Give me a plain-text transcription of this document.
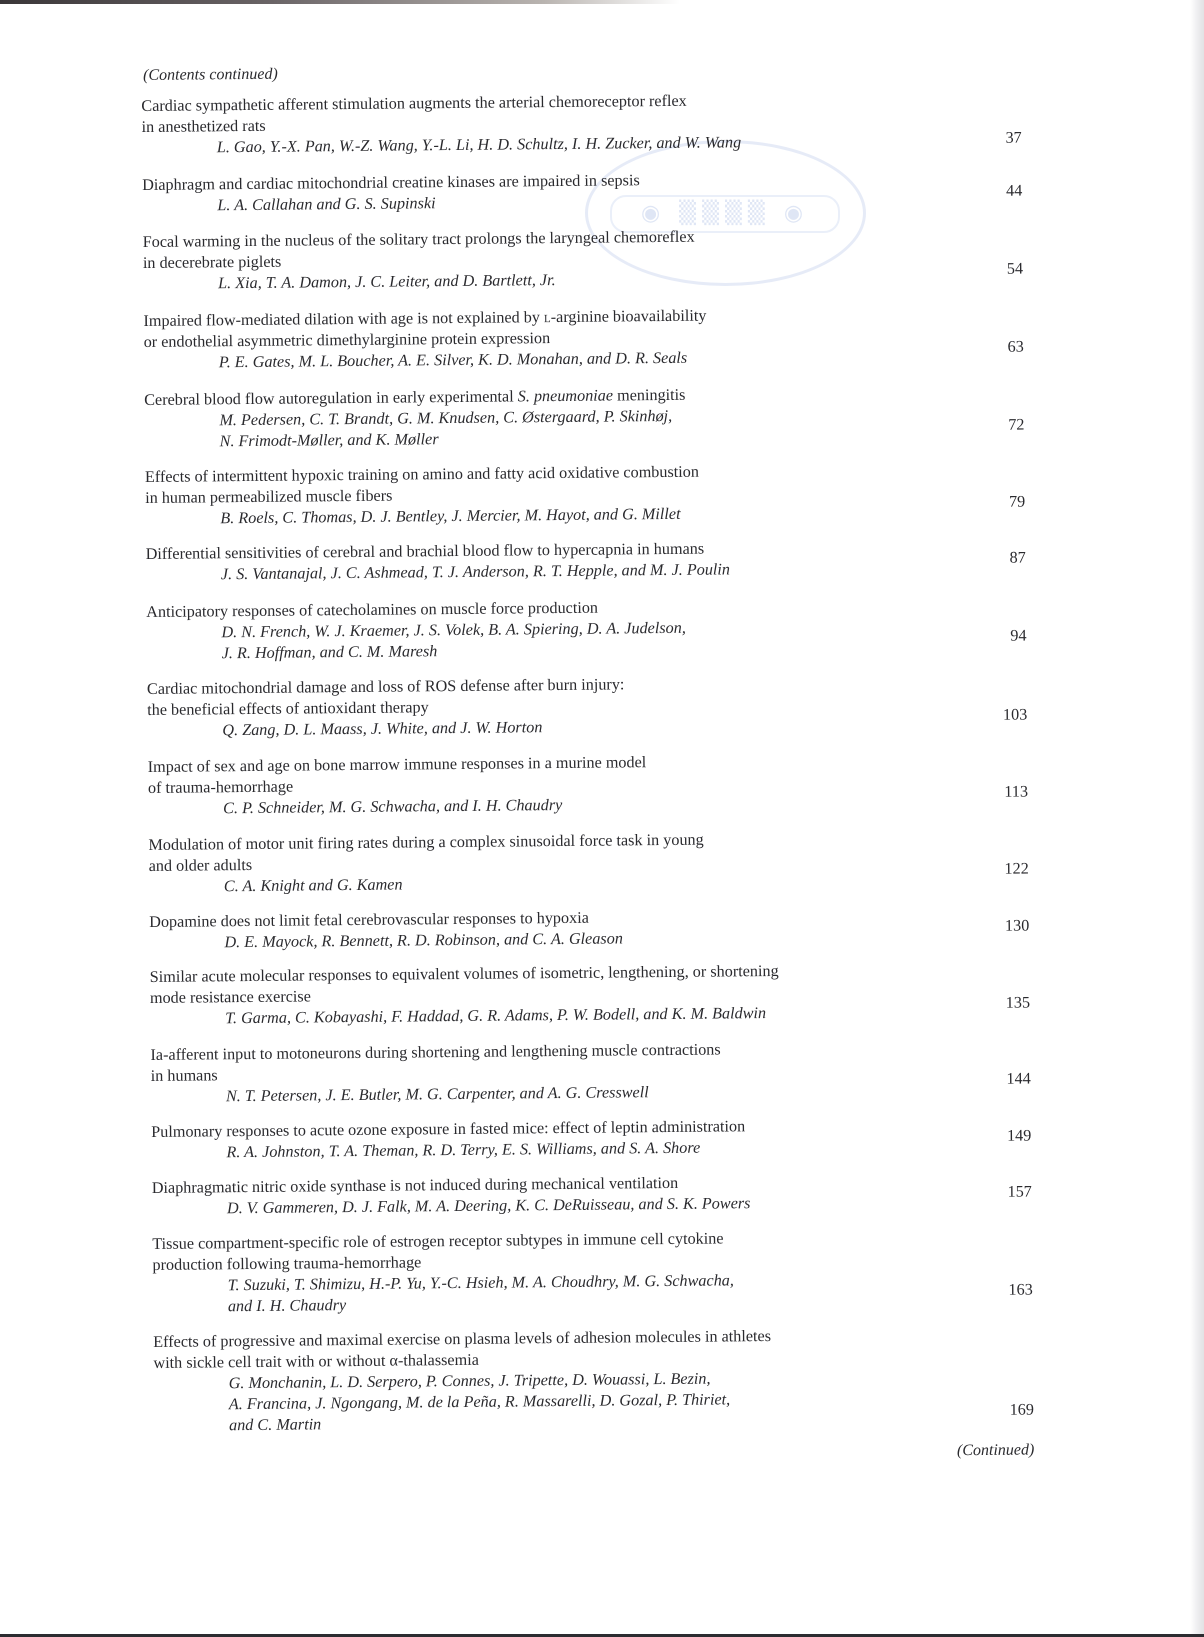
◉ ▒▒▒▒ ◉
(Contents continued)
Cardiac sympathetic afferent stimulation augments the arterial chemoreceptor reflex
in anesthetized rats
L. Gao, Y.-X. Pan, W.-Z. Wang, Y.-L. Li, H. D. Schultz, I. H. Zucker, and W. Wang	37
Diaphragm and cardiac mitochondrial creatine kinases are impaired in sepsis
L. A. Callahan and G. S. Supinski
44
Focal warming in the nucleus of the solitary tract prolongs the laryngeal chemoreflex
in decerebrate piglets
L. Xia, T. A. Damon, J. C. Leiter, and D. Bartlett, Jr.
54
Impaired flow-mediated dilation with age is not explained by l-arginine bioavailability
or endothelial asymmetric dimethylarginine protein expression
P. E. Gates, M. L. Boucher, A. E. Silver, K. D. Monahan, and D. R. Seals
63
Cerebral blood flow autoregulation in early experimental S. pneumoniae meningitis
M. Pedersen, C. T. Brandt, G. M. Knudsen, C. Østergaard, P. Skinhøj,
N. Frimodt-Møller, and K. Møller
72
Effects of intermittent hypoxic training on amino and fatty acid oxidative combustion
in human permeabilized muscle fibers
B. Roels, C. Thomas, D. J. Bentley, J. Mercier, M. Hayot, and G. Millet
79
Differential sensitivities of cerebral and brachial blood flow to hypercapnia in humans
J. S. Vantanajal, J. C. Ashmead, T. J. Anderson, R. T. Hepple, and M. J. Poulin
87
Anticipatory responses of catecholamines on muscle force production
D. N. French, W. J. Kraemer, J. S. Volek, B. A. Spiering, D. A. Judelson,
J. R. Hoffman, and C. M. Maresh
94
Cardiac mitochondrial damage and loss of ROS defense after burn injury:
the beneficial effects of antioxidant therapy
Q. Zang, D. L. Maass, J. White, and J. W. Horton
103
Impact of sex and age on bone marrow immune responses in a murine model
of trauma-hemorrhage
C. P. Schneider, M. G. Schwacha, and I. H. Chaudry
113
Modulation of motor unit firing rates during a complex sinusoidal force task in young
and older adults
C. A. Knight and G. Kamen
122
Dopamine does not limit fetal cerebrovascular responses to hypoxia
D. E. Mayock, R. Bennett, R. D. Robinson, and C. A. Gleason
130
Similar acute molecular responses to equivalent volumes of isometric, lengthening, or shortening
mode resistance exercise
T. Garma, C. Kobayashi, F. Haddad, G. R. Adams, P. W. Bodell, and K. M. Baldwin
135
Ia-afferent input to motoneurons during shortening and lengthening muscle contractions
in humans
N. T. Petersen, J. E. Butler, M. G. Carpenter, and A. G. Cresswell
144
Pulmonary responses to acute ozone exposure in fasted mice: effect of leptin administration
R. A. Johnston, T. A. Theman, R. D. Terry, E. S. Williams, and S. A. Shore
149
Diaphragmatic nitric oxide synthase is not induced during mechanical ventilation
D. V. Gammeren, D. J. Falk, M. A. Deering, K. C. DeRuisseau, and S. K. Powers
157
Tissue compartment-specific role of estrogen receptor subtypes in immune cell cytokine
production following trauma-hemorrhage
T. Suzuki, T. Shimizu, H.-P. Yu, Y.-C. Hsieh, M. A. Choudhry, M. G. Schwacha,
and I. H. Chaudry
163
Effects of progressive and maximal exercise on plasma levels of adhesion molecules in athletes
with sickle cell trait with or without α-thalassemia
G. Monchanin, L. D. Serpero, P. Connes, J. Tripette, D. Wouassi, L. Bezin,
A. Francina, J. Ngongang, M. de la Peña, R. Massarelli, D. Gozal, P. Thiriet,
and C. Martin
169
(Continued)
